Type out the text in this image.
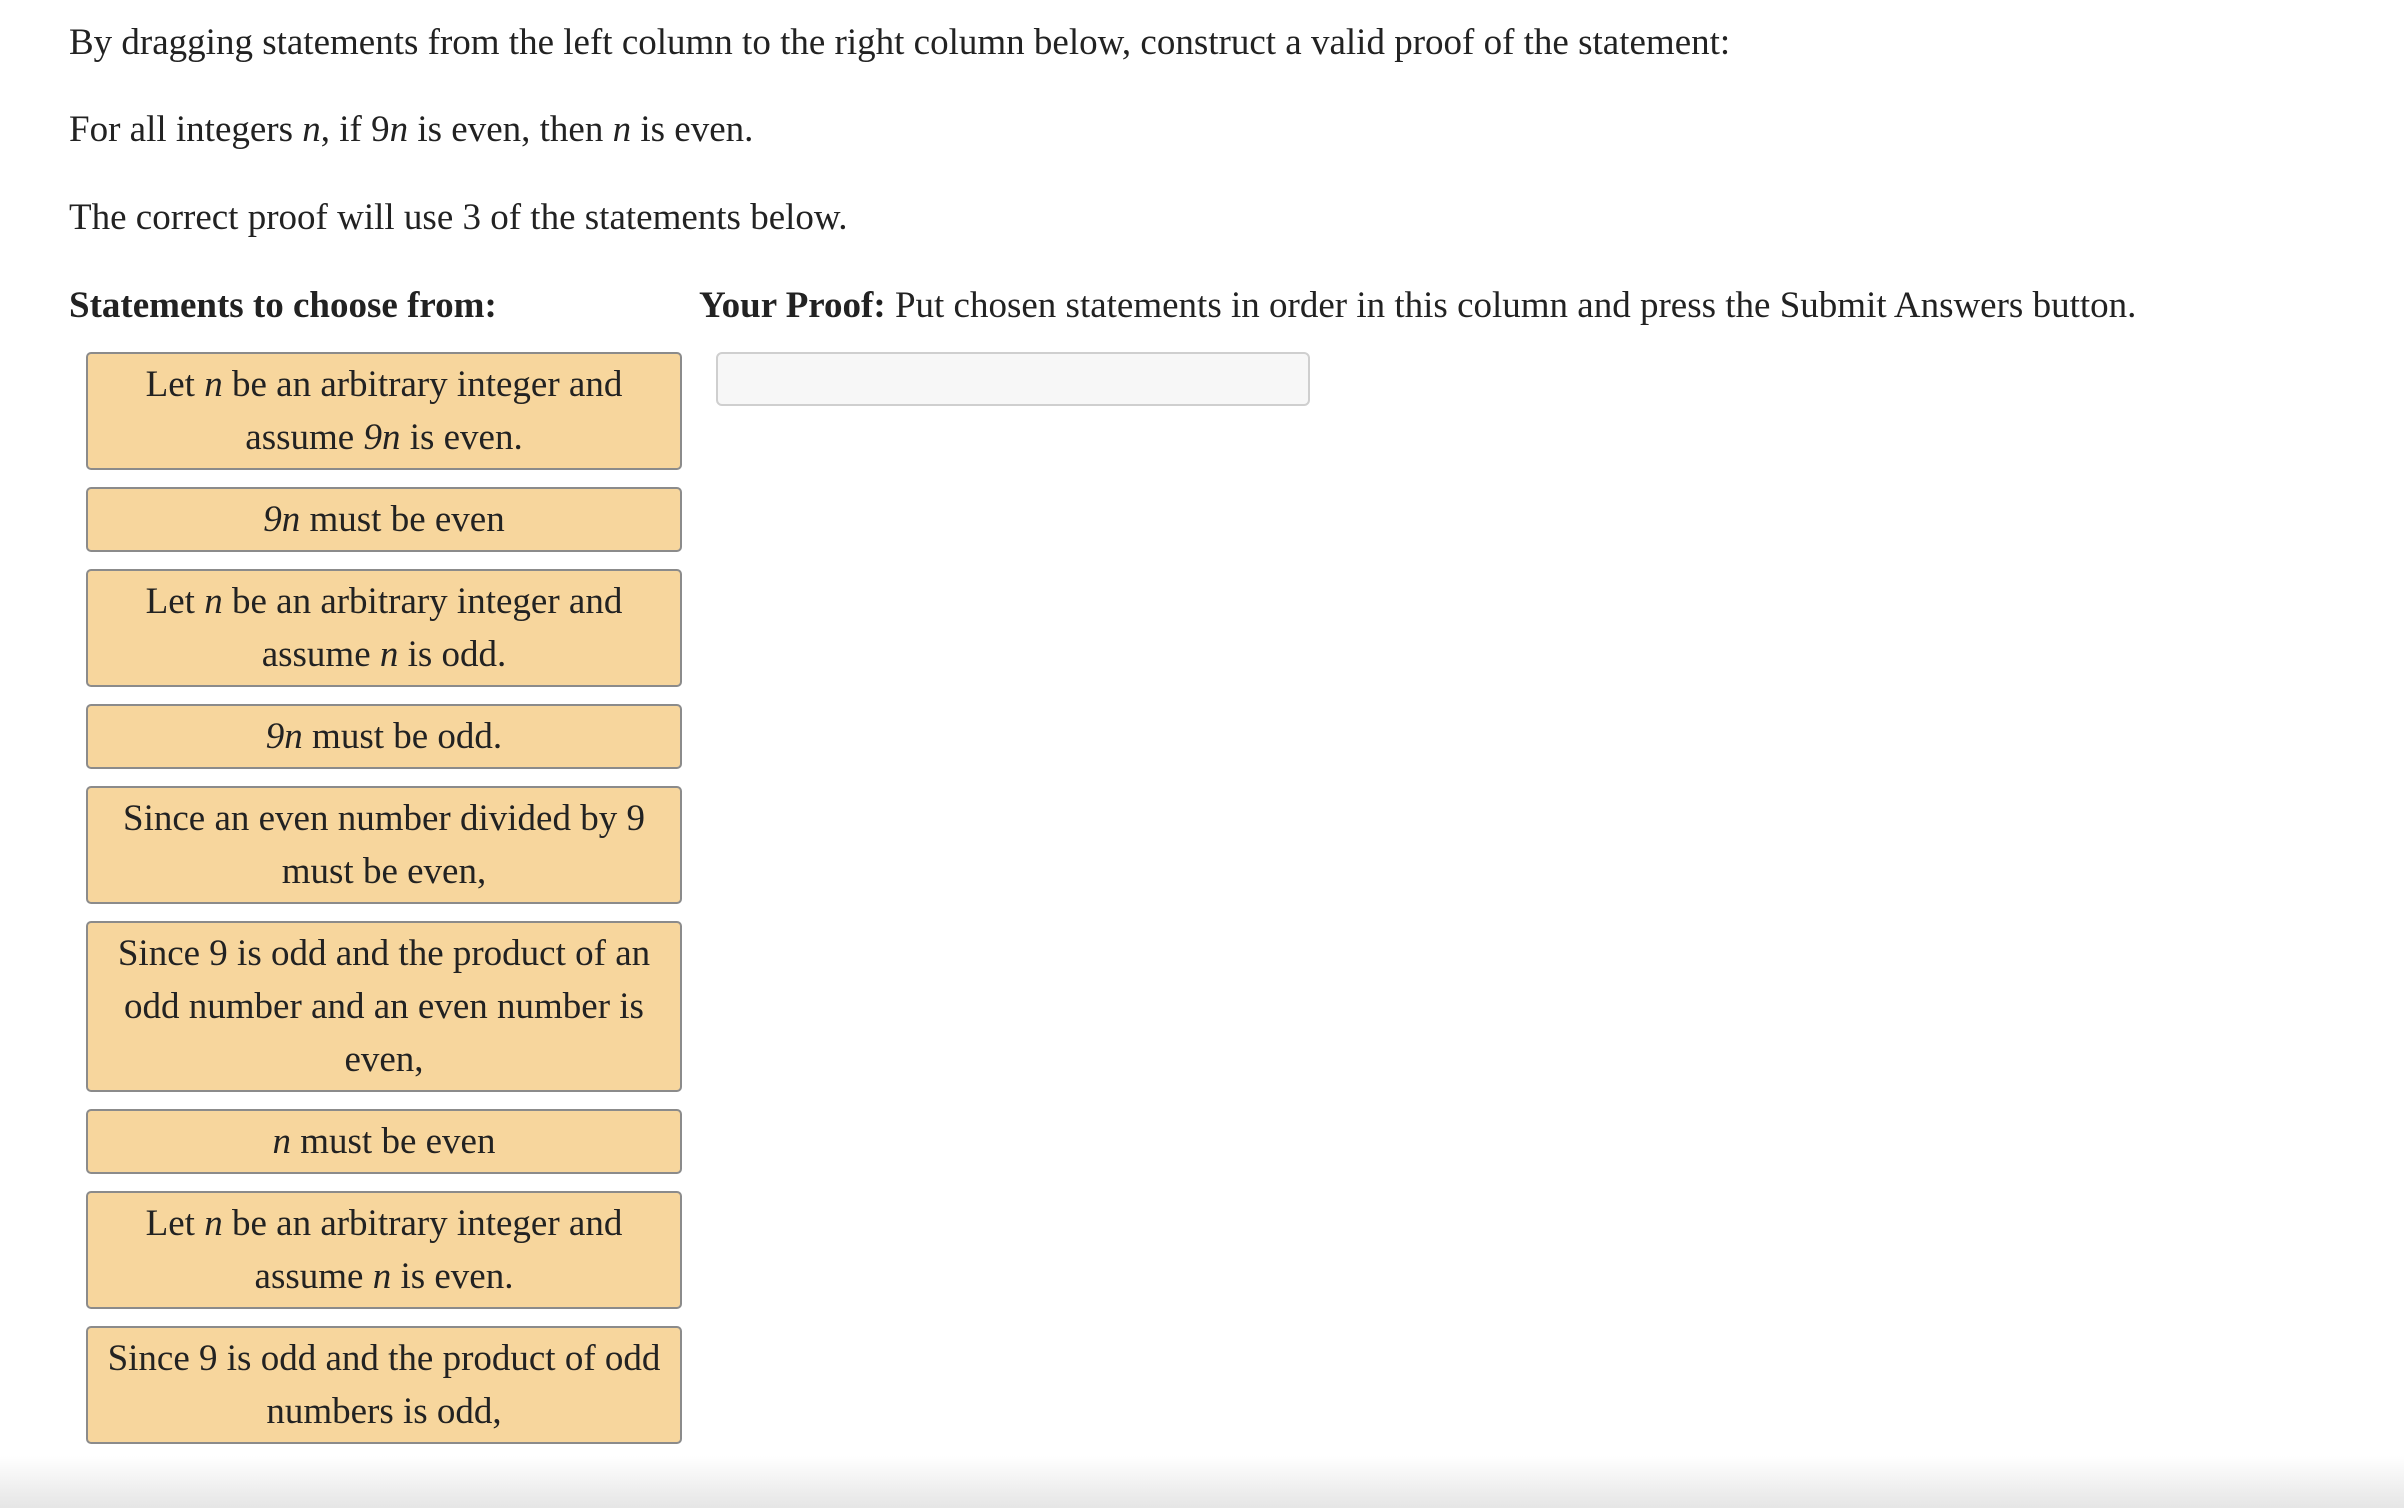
By dragging statements from the left column to the right column below, construct a valid proof of the statement:

For all integers n, if 9n is even, then n is even.

The correct proof will use 3 of the statements below.

Statements to choose from:	Your Proof: Put chosen statements in order in this column and press the Submit Answers button.

Let n be an arbitrary integer and assume 9n is even.
9n must be even
Let n be an arbitrary integer and assume n is odd.
9n must be odd.
Since an even number divided by 9 must be even,
Since 9 is odd and the product of an odd number and an even number is even,
n must be even
Let n be an arbitrary integer and assume n is even.
Since 9 is odd and the product of odd numbers is odd,
